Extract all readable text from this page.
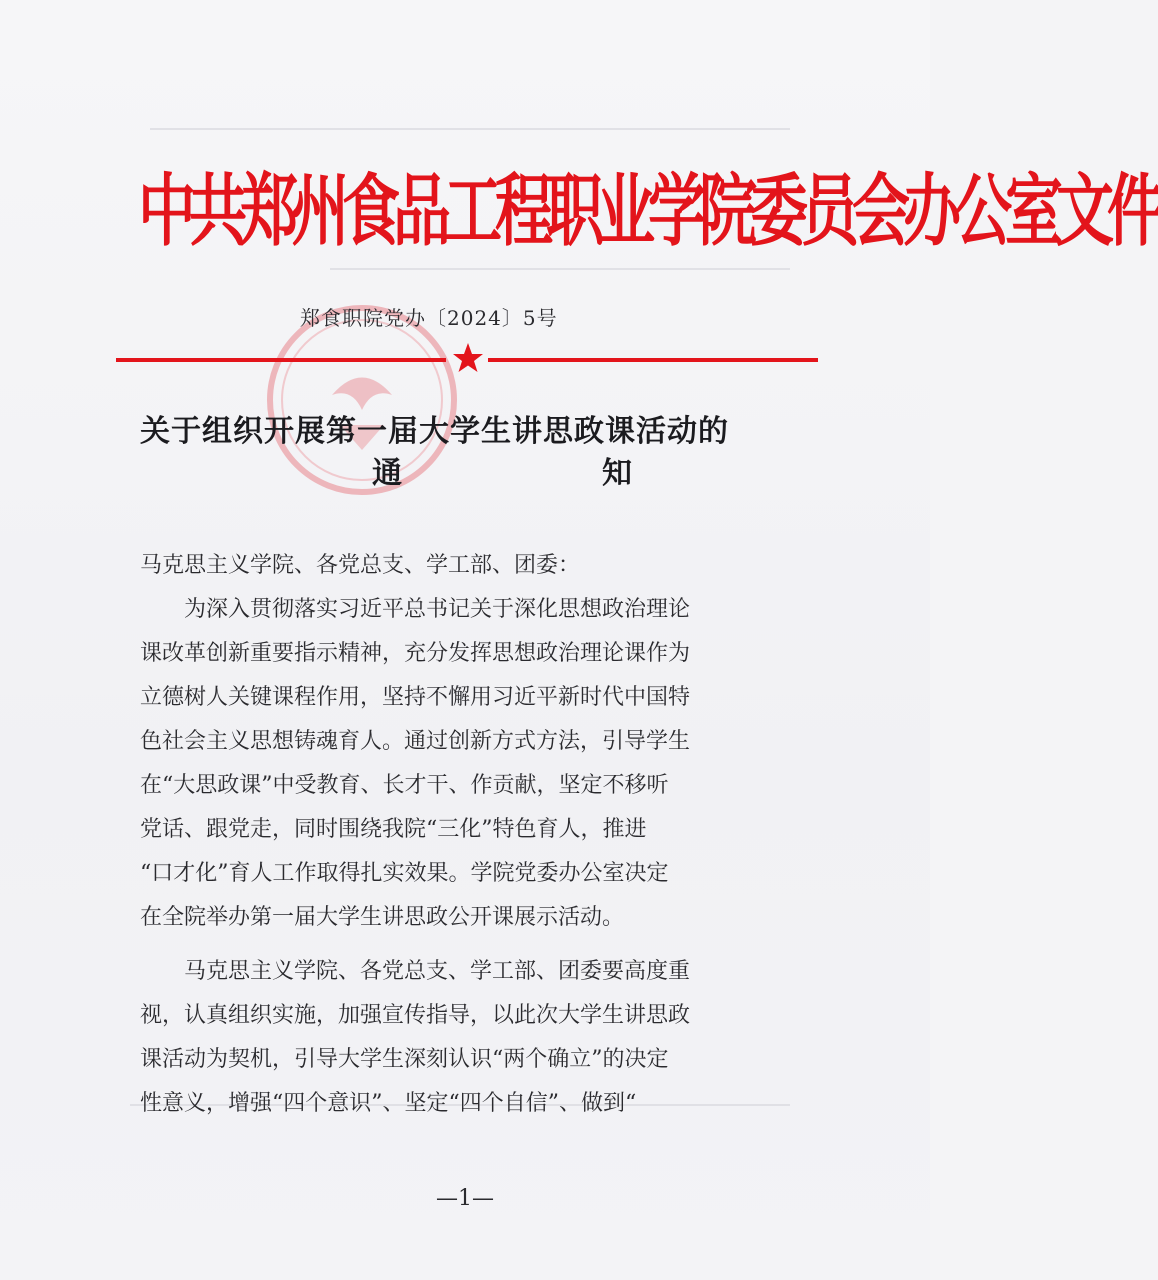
中共郑州食品工程职业学院委员会办公室文件
郑食职院党办〔2024〕5号
关于组织开展第一届大学生讲思政课活动的
通	知
马克思主义学院、各党总支、学工部、团委：
为深入贯彻落实习近平总书记关于深化思想政治理论
课改革创新重要指示精神，充分发挥思想政治理论课作为
立德树人关键课程作用，坚持不懈用习近平新时代中国特
色社会主义思想铸魂育人。通过创新方式方法，引导学生
在“大思政课”中受教育、长才干、作贡献，坚定不移听
党话、跟党走，同时围绕我院“三化”特色育人，推进
“口才化”育人工作取得扎实效果。学院党委办公室决定
在全院举办第一届大学生讲思政公开课展示活动。
马克思主义学院、各党总支、学工部、团委要高度重
视，认真组织实施，加强宣传指导，以此次大学生讲思政
课活动为契机，引导大学生深刻认识“两个确立”的决定
性意义，增强“四个意识”、坚定“四个自信”、做到“
—1—
